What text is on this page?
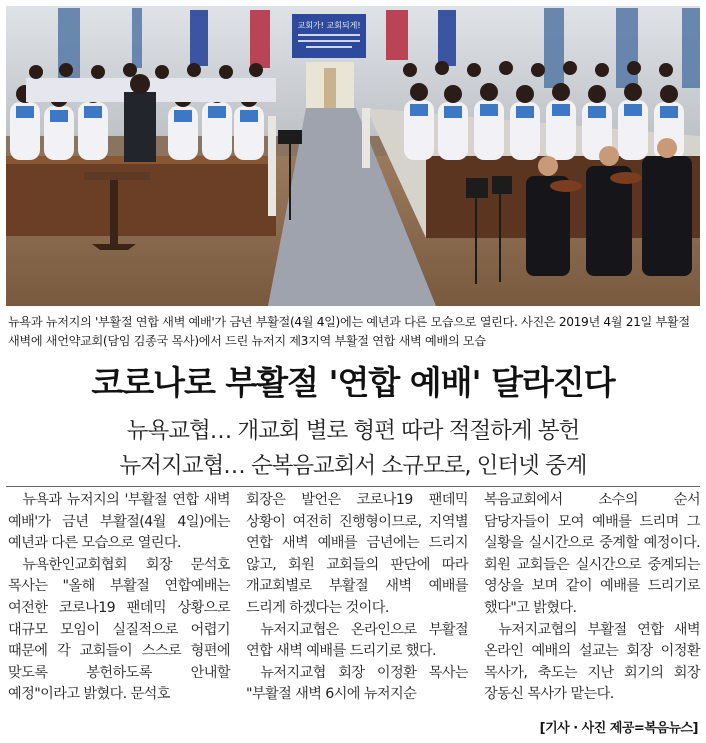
교회가! 교회되게!
뉴욕과 뉴저지의 '부활절 연합 새벽 예배'가 금년 부활절(4월 4일)에는 예년과 다른 모습으로 열린다. 사진은 2019년 4월 21일 부활절 새벽에 새언약교회(담임 김종국 목사)에서 드린 뉴저지 제3지역 부활절 연합 새벽 예배의 모습
코로나로 부활절 '연합 예배' 달라진다
뉴욕교협… 개교회 별로 형편 따라 적절하게 봉헌
뉴저지교협… 순복음교회서 소규모로, 인터넷 중계

뉴욕과 뉴저지의 '부활절 연합 새벽 예배'가 금년 부활절(4월 4일)에는 예년과 다른 모습으로 열린다.

뉴욕한인교회협회 회장 문석호 목사는 "올해 부활절 연합예배는 여전한 코로나19 팬데믹 상황으로 대규모 모임이 실질적으로 어렵기 때문에 각 교회들이 스스로 형편에 맞도록 봉헌하도록 안내할 예정"이라고 밝혔다. 문석호

회장은 발언은 코로나19 팬데믹 상황이 여전히 진행형이므로, 지역별 연합 새벽 예배를 금년에는 드리지 않고, 회원 교회들의 판단에 따라 개교회별로 부활절 새벽 예배를 드리게 하겠다는 것이다.

뉴저지교협은 온라인으로 부활절 연합 새벽 예배를 드리기로 했다.

뉴저지교협 회장 이정환 목사는 "부활절 새벽 6시에 뉴저지순

복음교회에서 소수의 순서 담당자들이 모여 예배를 드리며 그 실황을 실시간으로 중계할 예정이다. 회원 교회들은 실시간으로 중계되는 영상을 보며 같이 예배를 드리기로 했다"고 밝혔다.

뉴저지교협의 부활절 연합 새벽 온라인 예배의 설교는 회장 이정환 목사가, 축도는 지난 회기의 회장 장동신 목사가 맡는다.

[기사 · 사진 제공=복음뉴스]
